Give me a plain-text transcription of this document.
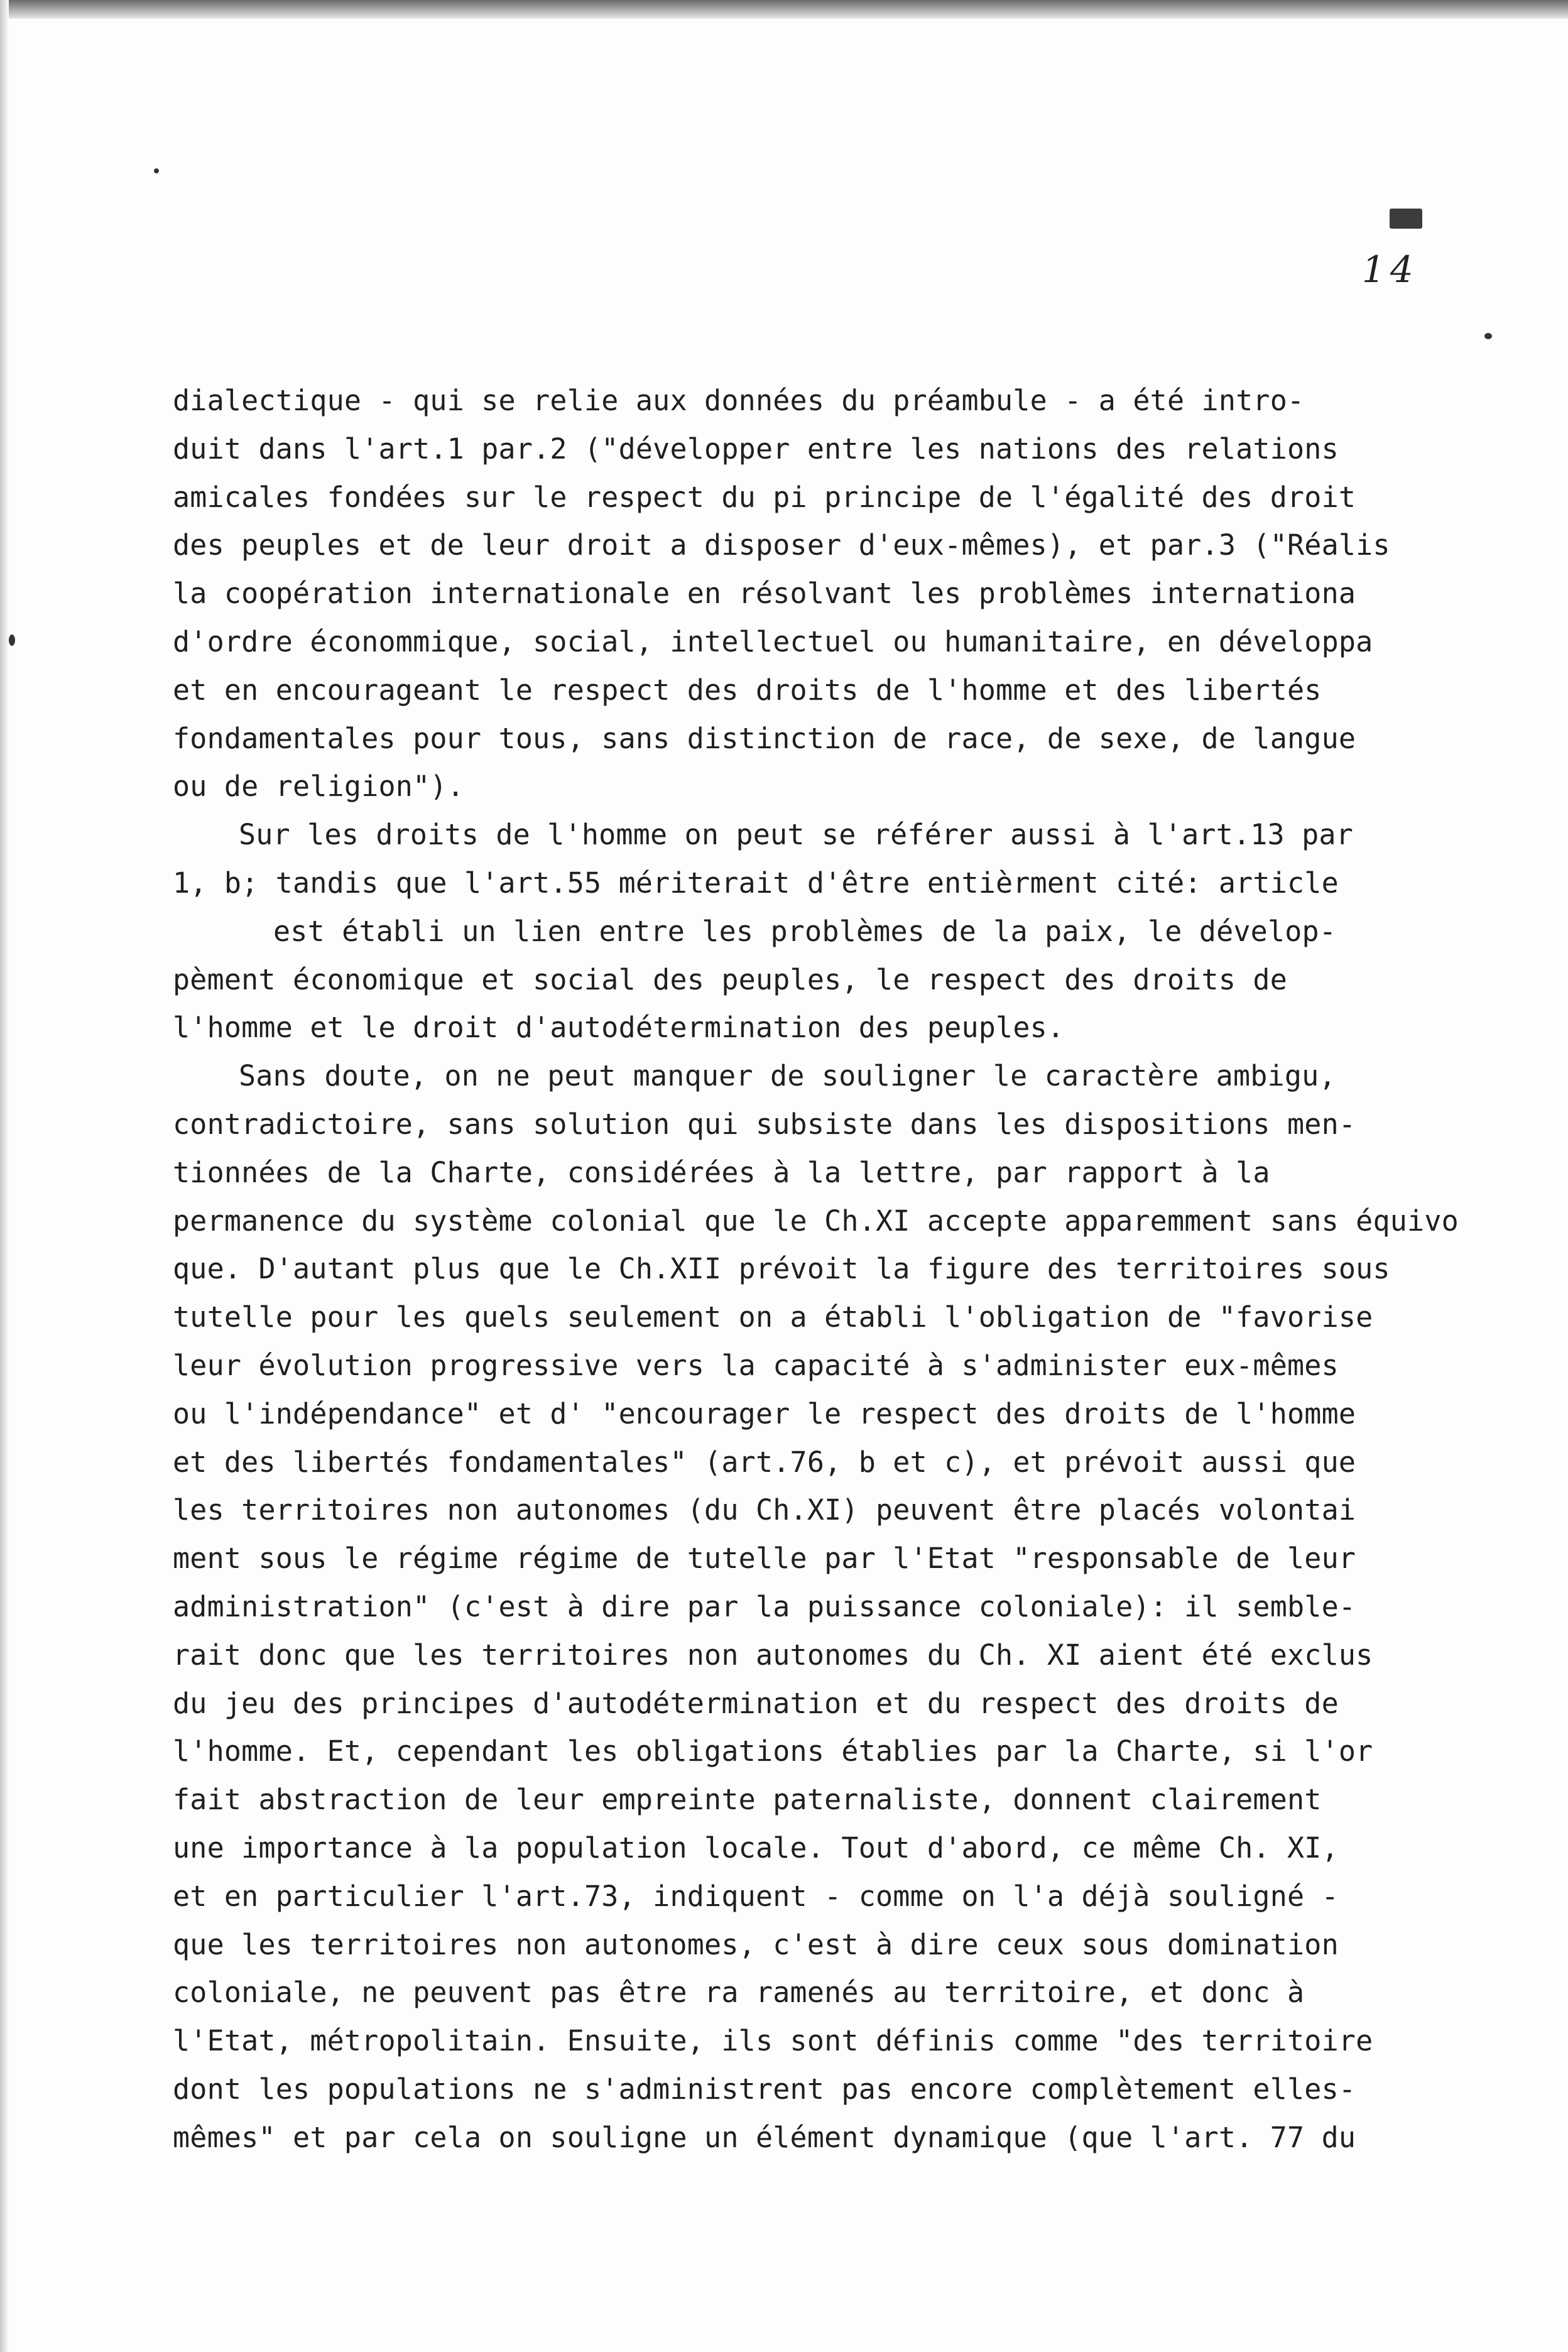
14

dialectique - qui se relie aux données du préambule - a été intro-
duit dans l'art.1 par.2 ("développer entre les nations des relations
amicales fondées sur le respect du pi principe de l'égalité des droit
des peuples et de leur droit a disposer d'eux-mêmes), et par.3 ("Réalis
la coopération internationale en résolvant les problèmes internationa
d'ordre économmique, social, intellectuel ou humanitaire, en développa
et en encourageant le respect des droits de l'homme et des libertés
fondamentales pour tous, sans distinction de race, de sexe, de langue
ou de religion").
Sur les droits de l'homme on peut se référer aussi à l'art.13 par
1, b; tandis que l'art.55 mériterait d'être entièrment cité: article
est établi un lien entre les problèmes de la paix, le dévelop-
pèment économique et social des peuples, le respect des droits de
l'homme et le droit d'autodétermination des peuples.
Sans doute, on ne peut manquer de souligner le caractère ambigu,
contradictoire, sans solution qui subsiste dans les dispositions men-
tionnées de la Charte, considérées à la lettre, par rapport à la
permanence du système colonial que le Ch.XI accepte apparemment sans équivo
que. D'autant plus que le Ch.XII prévoit la figure des territoires sous
tutelle pour les quels seulement on a établi l'obligation de "favorise
leur évolution progressive vers la capacité à s'administer eux-mêmes
ou l'indépendance" et d' "encourager le respect des droits de l'homme
et des libertés fondamentales" (art.76, b et c), et prévoit aussi que
les territoires non autonomes (du Ch.XI) peuvent être placés volontai
ment sous le régime régime de tutelle par l'Etat "responsable de leur
administration" (c'est à dire par la puissance coloniale): il semble-
rait donc que les territoires non autonomes du Ch. XI aient été exclus
du jeu des principes d'autodétermination et du respect des droits de
l'homme. Et, cependant les obligations établies par la Charte, si l'or
fait abstraction de leur empreinte paternaliste, donnent clairement
une importance à la population locale. Tout d'abord, ce même Ch. XI,
et en particulier l'art.73, indiquent - comme on l'a déjà souligné -
que les territoires non autonomes, c'est à dire ceux sous domination
coloniale, ne peuvent pas être ra ramenés au territoire, et donc à
l'Etat, métropolitain. Ensuite, ils sont définis comme "des territoire
dont les populations ne s'administrent pas encore complètement elles-
mêmes" et par cela on souligne un élément dynamique (que l'art. 77 du
